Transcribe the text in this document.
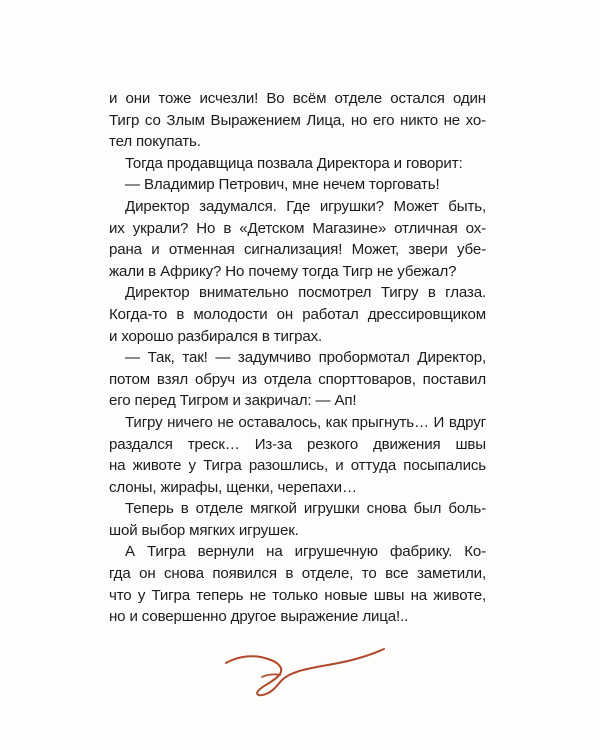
и они тоже исчезли! Во всём отделе остался один
Тигр со Злым Выражением Лица, но его никто не хо-
тел покупать.
Тогда продавщица позвала Директора и говорит:
— Владимир Петрович, мне нечем торговать!
Директор задумался. Где игрушки? Может быть,
их украли? Но в «Детском Магазине» отличная ох-
рана и отменная сигнализация! Может, звери убе-
жали в Африку? Но почему тогда Тигр не убежал?
Директор внимательно посмотрел Тигру в глаза.
Когда-то в молодости он работал дрессировщиком
и хорошо разбирался в тиграх.
— Так, так! — задумчиво пробормотал Директор,
потом взял обруч из отдела спорттоваров, поставил
его перед Тигром и закричал: — Ап!
Тигру ничего не оставалось, как прыгнуть… И вдруг
раздался треск… Из-за резкого движения швы
на животе у Тигра разошлись, и оттуда посыпались
слоны, жирафы, щенки, черепахи…
Теперь в отделе мягкой игрушки снова был боль-
шой выбор мягких игрушек.
А Тигра вернули на игрушечную фабрику. Ко-
гда он снова появился в отделе, то все заметили,
что у Тигра теперь не только новые швы на животе,
но и совершенно другое выражение лица!..
